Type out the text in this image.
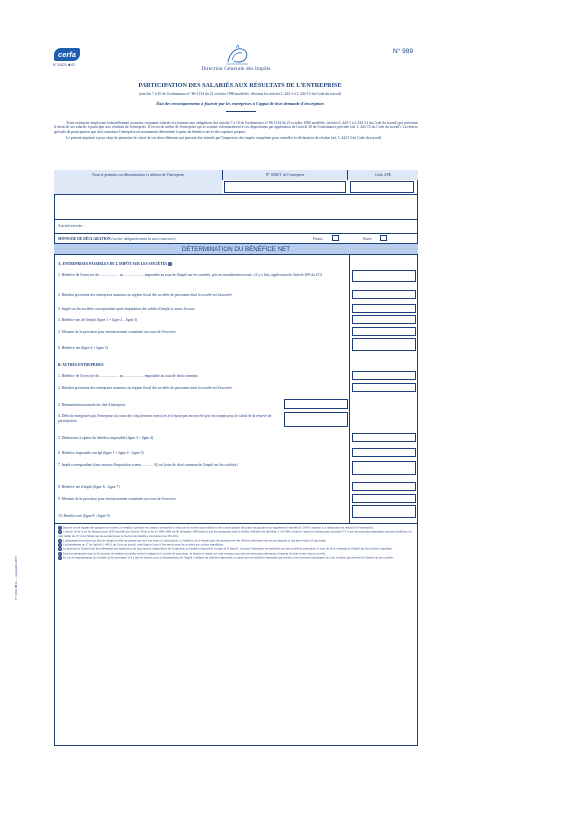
cerfa
N° 10021 ✱ 02
Direction Générale des Impôts
N° 989
PARTICIPATION DES SALARIÉS AUX RÉSULTATS DE L'ENTREPRISE
(articles 7 à 10 de l'ordonnance n° 86-1134 du 21 octobre 1986 modifiée, devenus les articles L 442-1 à L 442-15 du Code du travail)
État des renseignements à fournir par les entreprises à l'appui de leur demande d'inscription

Toute entreprise employant habituellement au moins cinquante salariés est soumise aux obligations des articles 7 à 10 de l'ordonnance n° 86-1134 du 21 octobre 1986 modifiée, (articles L 442-1 à L 442-14 du Code du travail) qui prévoient le droit de ses salariés à participer aux résultats de l'entreprise. Il en est de même de l'entreprise qui se soumet volontairement à ces dispositions par application de l'article 20 de l'ordonnance précitée (art. L 442-15 du Code du travail). La réserve spéciale de participation que doit constituer l'entreprise est notamment déterminée à partir du bénéfice net et des capitaux propres.

Le présent imprimé a pour objet de permettre le calcul de ces deux éléments qui peuvent être attestés par l'inspecteur des impôts compétent pour contrôler la déclaration de résultat (art. L 442-13 du Code du travail).

Nom et prénoms ou dénomination et adresse de l'entreprise	N° SIRET de l'entreprise	Code APE
Activité exercée :
MONNAIE DE DÉCLARATION (cocher obligatoirement la case concernée)	Francs	Euros
DÉTERMINATION DU BÉNÉFICE NET
A. ENTREPRISES PASSIBLES DE L'IMPÔT SUR LES SOCIÉTÉS 1
1. Bénéfice de l'exercice du ..................... au ..................... imposable au taux de l'impôt sur les sociétés, pris en considération avant, s'il y a lieu, application de l'article 209 du CGI
2. Résultat provenant des entreprises soumises au régime fiscal des sociétés de personnes dont la société est l'associée
3. Impôt sur les sociétés correspondant après imputation des crédits d'impôt et avoirs fiscaux
4. Bénéfice net de l'impôt (ligne 1 + ligne 2 – ligne 3)
5. Montant de la provision pour investissement constituée au cours de l'exercice
6. Bénéfice net (ligne 4 + ligne 5)
B. AUTRES ENTREPRISES
1. Bénéfice de l'exercice du ..................... au ..................... imposable au taux de droit commun
2. Résultat provenant des entreprises soumises au régime fiscal des sociétés de personnes dont la société est l'associée
3. Rémunération normale du chef d'entreprise
4. Déficits enregistrés par l'entreprise au cours des cinq derniers exercices et n'ayant pas encore été pris en compte pour le calcul de la réserve de participation
5. Déductions à opérer du bénéfice imposable (ligne 3 + ligne 4)
6. Bénéfice imposable corrigé (ligne 1 + ligne 2 – ligne 5)
7. Impôt correspondant (taux moyen d'imposition retenu ............ %) ou (taux de droit commun de l'impôt sur les sociétés)
8. Bénéfice net d'impôt (ligne 6 – ligne 7)
9. Montant de la provision pour investissement constituée au cours de l'exercice
10. Bénéfice net (ligne 8 + ligne 9)
1 Dans le cas de régime des groupes de sociétés, le résultat à prendre en compte correspond à celui que la société aurait réalisé si elle n'avait jamais fait partie du groupe (voir également le modèle n° 2059 à annexer à la déclaration de résultat de l'entreprise).
2 L'article 10 de la loi de finances pour 2007 modifié par l'article 39 de la loi n° 2004-1484 du 30 décembre 2004 prévoit que les entreprises dont le chiffre d'affaires est inférieur à 7,63 M€ et dont le capital est détenu pour au moins 75 % par des personnes physiques peuvent bénéficier du taux réduit de 15 % de l'impôt sur les sociétés pour la fraction de bénéfice n'excédant pas 38 120 €.
3 L'abattement est réalisé par lieu de chaque société du groupe qui doit s'en tenir à la déclaration. Le bénéfice est à retenir pour son montant net des déficits antérieurs non encore imputés et des plus-values à long terme.
4 Conformément au 1° de l'article L 442-2 du Code du travail, cette ligne n'a pas à être servie pour les sociétés par actions simplifiées.
5 Le montant de l'impôt doit être déterminé par application du taux moyen d'imposition de l'exploitant au bénéfice imposable corrigé de la ligne 6. Lorsque l'entreprise est exploitée par une société de personnes, le taux de droit commun de l'impôt sur les sociétés s'applique.
6 Pour les entreprises dont la déclaration de résultat est établie selon le régime de la société de personnes, le résultat à retenir est celui revenant aux associés personnes physiques à hauteur de leurs droits dans la société.
7 En cas de regroupement de sociétés ou de personnes, il y a lieu de retenir, pour la détermination de l'impôt à déduire du bénéfice imposable, la quote-part du bénéfice imposable qui revient à des personnes physiques ou à des sociétés qui relèvent de l'impôt sur les sociétés.
N° 10021 ✱ 02 — (septembre 2007)
